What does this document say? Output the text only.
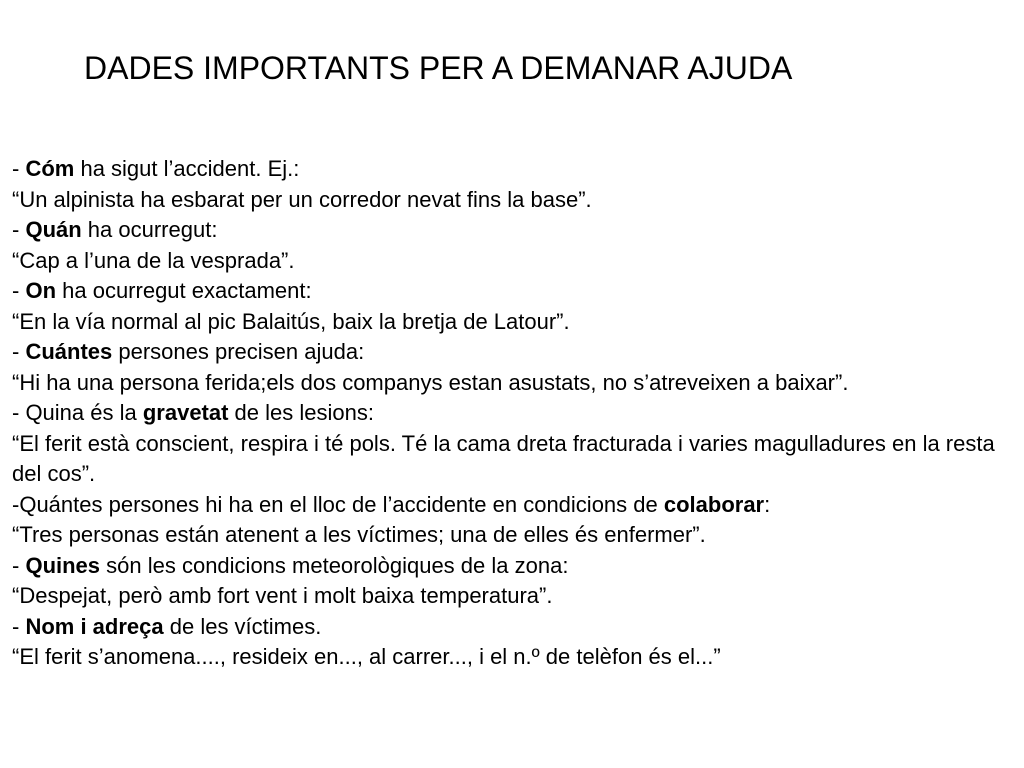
DADES IMPORTANTS PER A DEMANAR AJUDA

- Cóm ha sigut l’accident. Ej.:

“Un alpinista ha esbarat per un corredor nevat fins la base”.

- Quán ha ocurregut:

“Cap a l’una de la vesprada”.

- On ha ocurregut exactament:

“En la vía normal al pic Balaitús, baix la bretja de Latour”.

- Cuántes persones precisen ajuda:

“Hi ha una persona ferida;els dos companys estan asustats, no s’atreveixen a baixar”.

- Quina és la gravetat de les lesions:

“El ferit està conscient, respira i té pols. Té la cama dreta fracturada i varies magulladures en la resta del cos”.

-Quántes persones hi ha en el lloc de l’accidente en condicions de colaborar:

“Tres personas están atenent a les víctimes; una de elles és enfermer”.

- Quines són les condicions meteorològiques de la zona:

“Despejat, però amb fort vent i molt baixa temperatura”.

- Nom i adreça de les víctimes.

“El ferit s’anomena...., resideix en..., al carrer..., i el n.º de telèfon és el...”
